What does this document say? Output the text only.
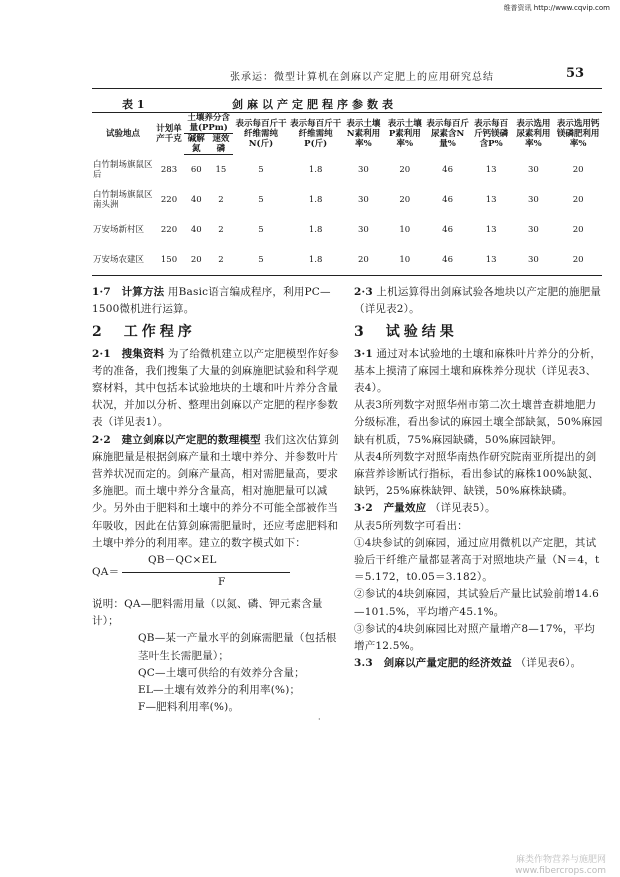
维普资讯 http://www.cqvip.com
张承运：微型计算机在剑麻以产定肥上的应用研究总结	53
表 1	剑麻以产定肥程序参数表
试验地点	计划单产千克	土壤养分含量(PPm)		表示每百斤干纤维需纯N(斤)	表示每百斤干纤维需纯P(斤)	表示土壤N素利用率%	表示土壤P素利用率%	表示每百斤尿素含N量%	表示每百斤钙镁磷含P%	表示选用尿素利用率%	表示选用钙镁磷肥利用率%
		碱解氮	速效磷								
白竹制场旗鼠区后	283	60	15	5	1.8	30	20	46	13	30	20
白竹制场旗鼠区南头洲	220	40	2	5	1.8	30	20	46	13	30	20
万安场新村区	220	40	2	5	1.8	30	10	46	13	30	20
万安场农建区	150	20	2	5	1.8	20	10	46	13	30	20

1·7　计算方法 用Basic语言编成程序，利用PC—1500微机进行运算。

2　工作程序

2·1　搜集资料 为了给微机建立以产定肥模型作好参考的准备，我们搜集了大量的剑麻施肥试验和科学观察材料，其中包括本试验地块的土壤和叶片养分含量状况，并加以分析、整理出剑麻以产定肥的程序参数表（详见表1）。

2·2　建立剑麻以产定肥的数理模型 我们这次估算剑麻施肥量是根据剑麻产量和土壤中养分、并参数叶片营养状况而定的。剑麻产量高，相对需肥量高，要求多施肥。而土壤中养分含量高，相对施肥量可以减少。另外由于肥料和土壤中的养分不可能全部被作当年吸收，因此在估算剑麻需肥量时，还应考虑肥料和土壤中养分的利用率。建立的数字模式如下：

QA＝
QB－QC×EL
F

说明：QA—肥料需用量（以氮、磷、钾元素含量计）；

QB—某一产量水平的剑麻需肥量（包括根茎叶生长需肥量）；

QC—土壤可供给的有效养分含量；

EL—土壤有效养分的利用率(%)；

F—肥料利用率(%)。

2·3 上机运算得出剑麻试验各地块以产定肥的施肥量（详见表2）。

3　试验结果

3·1 通过对本试验地的土壤和麻株叶片养分的分析，基本上摸清了麻园土壤和麻株养分现状（详见表3、表4）。

从表3所列数字对照华州市第二次土壤普查耕地肥力分级标准，看出参试的麻园土壤全部缺氮，50%麻园缺有机质，75%麻园缺磷，50%麻园缺钾。

从表4所列数字对照华南热作研究院南亚所提出的剑麻营养诊断试行指标，看出参试的麻株100%缺氮、缺钙，25%麻株缺钾、缺镁，50%麻株缺磷。

3·2　产量效应 （详见表5）。

从表5所列数字可看出：

①4块参试的剑麻园，通过应用微机以产定肥，其试验后干纤维产量都显著高于对照地块产量（N＝4，t＝5.172，t0.05＝3.182）。

②参试的4块剑麻园，其试验后产量比试验前增14.6—101.5%，平均增产45.1%。

③参试的4块剑麻园比对照产量增产8—17%，平均增产12.5%。

3.3　剑麻以产量定肥的经济效益 （详见表6）。

·
麻类作物营养与施肥网
www.fibercrops.com
